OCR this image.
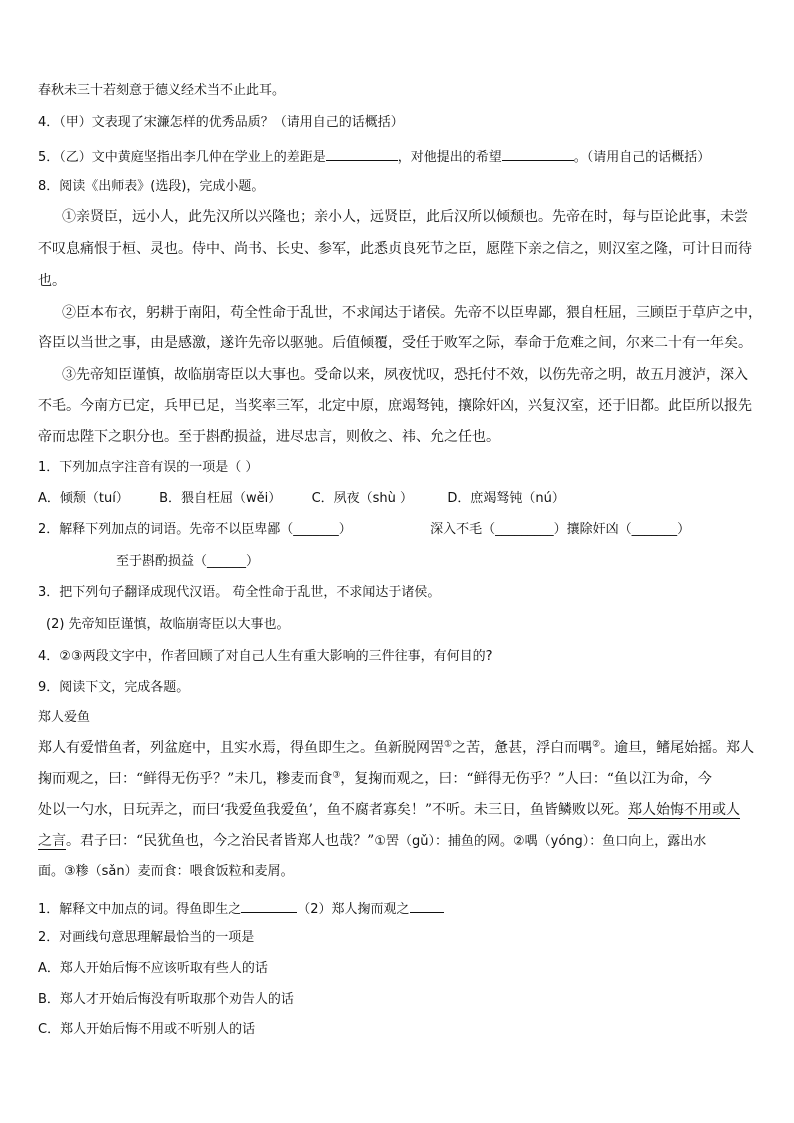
春秋未三十若刻意于德义经术当不止此耳。
4．（甲）文表现了宋濂怎样的优秀品质？（请用自己的话概括）
5．（乙）文中黄庭坚指出李几仲在学业上的差距是	，对他提出的希望	。（请用自己的话概括）
8．阅读《出师表》(选段)，完成小题。
①亲贤臣，远小人，此先汉所以兴隆也；亲小人，远贤臣，此后汉所以倾颓也。先帝在时，每与臣论此事，未尝
不叹息痛恨于桓、灵也。侍中、尚书、长史、参军，此悉贞良死节之臣，愿陛下亲之信之，则汉室之隆，可计日而待
也。
②臣本布衣，躬耕于南阳，苟全性命于乱世，不求闻达于诸侯。先帝不以臣卑鄙，猥自枉屈，三顾臣于草庐之中，
咨臣以当世之事，由是感激，遂许先帝以驱驰。后值倾覆，受任于败军之际，奉命于危难之间，尔来二十有一年矣。
③先帝知臣谨慎，故临崩寄臣以大事也。受命以来，夙夜忧叹，恐托付不效，以伤先帝之明，故五月渡泸，深入
不毛。今南方已定，兵甲已足，当奖率三军，北定中原，庶竭驽钝，攘除奸凶，兴复汉室，还于旧都。此臣所以报先
帝而忠陛下之职分也。至于斟酌损益，进尽忠言，则攸之、祎、允之任也。
1．下列加点字注音有误的一项是（ ）
A．倾颓（tuí） B．猥自枉屈（wěi） C．夙夜（shù ）	D．庶竭驽钝（nú）
2．解释下列加点的词语。先帝不以臣卑鄙（_______）	深入不毛（_________）攘除奸凶（_______）
至于斟酌损益（______）
3．把下列句子翻译成现代汉语。 苟全性命于乱世，不求闻达于诸侯。
(2) 先帝知臣谨慎，故临崩寄臣以大事也。
4．②③两段文字中，作者回顾了对自己人生有重大影响的三件往事，有何目的?
9．阅读下文，完成各题。
郑人爱鱼
郑人有爱惜鱼者，列盆庭中，且实水焉，得鱼即生之。鱼新脱网罟①之苦，惫甚，浮白而喁②。逾旦，鳍尾始摇。郑人
掬而观之，曰：“鲜得无伤乎？”未几，糁麦而食③，复掬而观之，曰：“鲜得无伤乎？”人曰：“鱼以江为命，今
处以一勺水，日玩弄之，而曰‘我爱鱼我爱鱼’，鱼不腐者寡矣！”不听。未三日，鱼皆鳞败以死。郑人始悔不用或人
之言。君子曰：“民犹鱼也，今之治民者皆郑人也哉？”①罟（gǔ）：捕鱼的网。②喁（yóng）：鱼口向上，露出水
面。③糁（sǎn）麦而食：喂食饭粒和麦屑。
1．解释文中加点的词。得鱼即生之	（2）郑人掬而观之
2．对画线句意思理解最恰当的一项是
A．郑人开始后悔不应该听取有些人的话
B．郑人才开始后悔没有听取那个劝告人的话
C．郑人开始后悔不用或不听别人的话
